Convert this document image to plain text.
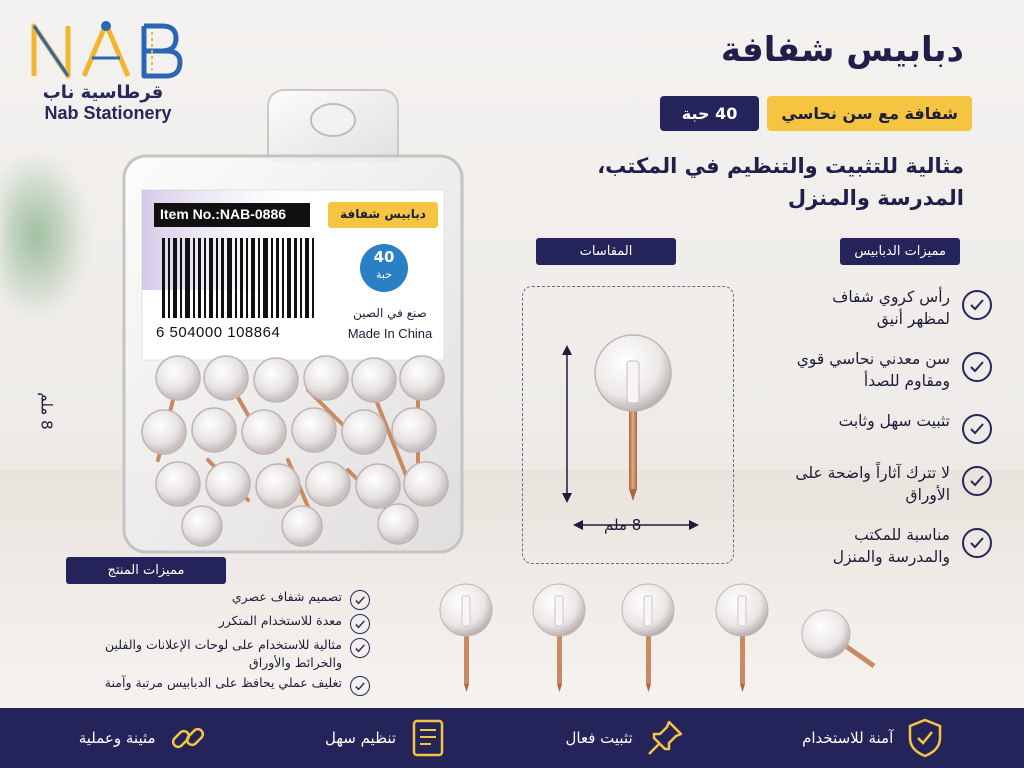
قرطاسية ناب
Nab Stationery
دبابيس شفافة
شفافة مع سن نحاسي
40 حبة
مثالية للتثبيت والتنظيم في المكتب، المدرسة والمنزل
مميزات الدبابيس
المقاسات
مميزات المنتج
Item No.:NAB-0886	دبابيس شفافة
40
حبة
صنع في الصين
Made In China
6 504000 108864
8 ملم
8 ملم
رأس كروي شفاف لمظهر أنيق
سن معدني نحاسي قوي ومقاوم للصدأ
تثبيت سهل وثابت
لا تترك آثاراً واضحة على الأوراق
مناسبة للمكتب والمدرسة والمنزل
تصميم شفاف عصري
معدة للاستخدام المتكرر
مثالية للاستخدام على لوحات الإعلانات والفلين والخرائط والأوراق
تغليف عملي يحافظ على الدبابيس مرتبة وآمنة
آمنة للاستخدام
تثبيت فعال
تنظيم سهل
مثينة وعملية
